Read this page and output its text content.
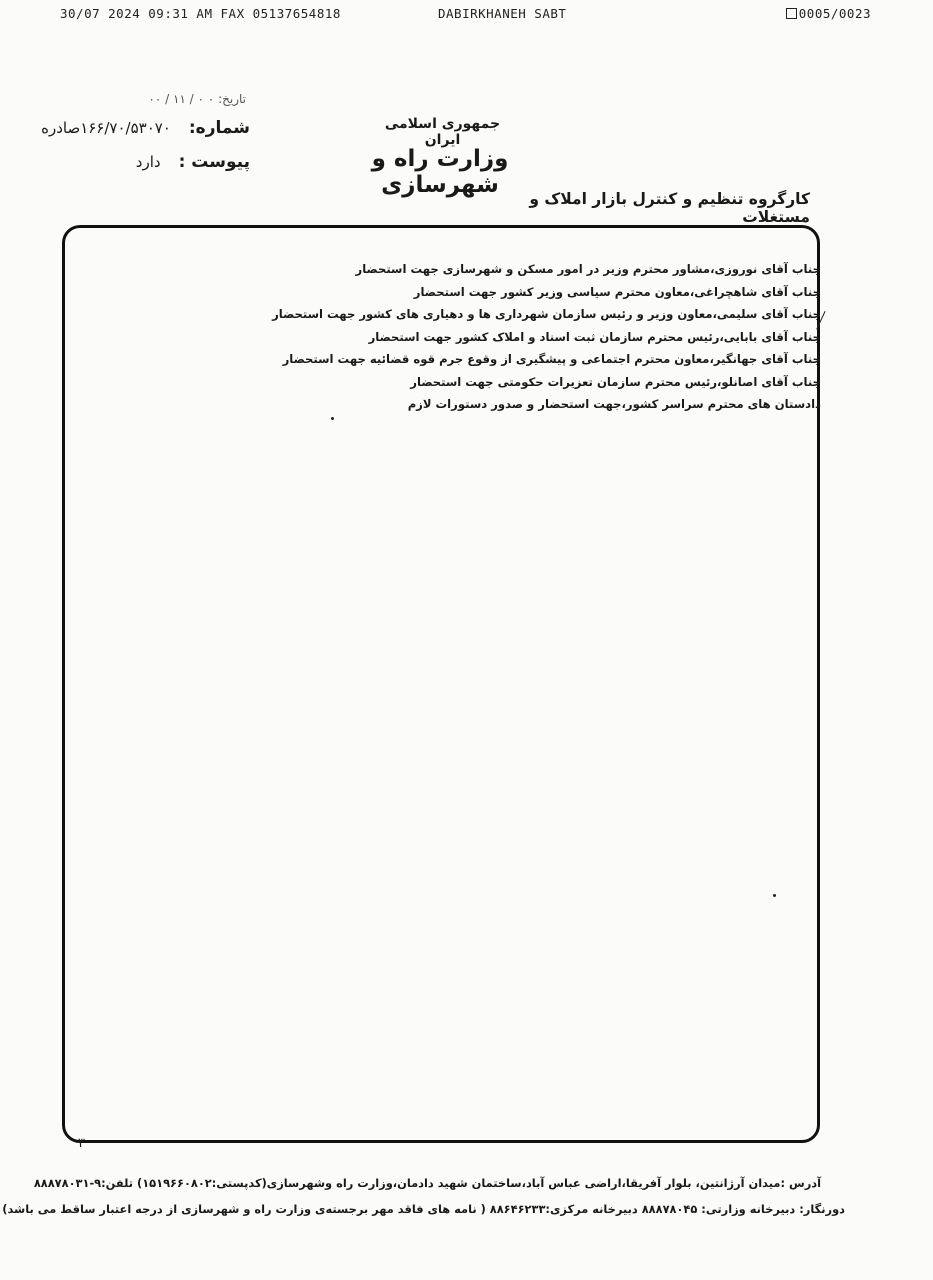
30/07 2024 09:31 AM FAX 05137654818	DABIRKHANEH SABT	0005/0023
تاریخ: ۰ ۰ / ۱۱ / ۰۰
شماره:۱۶۶/۷۰/۵۳۰۷۰صادره
پیوست :دارد
جمهوری اسلامی ایران
وزارت راه و شهرسازی
کارگروه تنظیم و کنترل بازار املاک و مستغلات
جناب آقای نوروزی،مشاور محترم وزیر در امور مسکن و شهرسازی جهت استحضار
جناب آقای شاهچراغی،معاون محترم سیاسی وزیر کشور جهت استحضار
جناب آقای سلیمی،معاون وزیر و رئیس سازمان شهرداری ها و دهیاری های کشور جهت استحضار
جناب آقای بابایی،رئیس محترم سازمان ثبت اسناد و املاک کشور جهت استحضار
جناب آقای جهانگیر،معاون محترم اجتماعی و پیشگیری از وقوع جرم قوه قضائیه جهت استحضار
جناب آقای اصانلو،رئیس محترم سازمان تعزیرات حکومتی جهت استحضار
دادستان های محترم سراسر کشور،جهت استحضار و صدور دستورات لازم
۳
آدرس :میدان آرژانتین، بلوار آفریقا،اراضی عباس آباد،ساختمان شهید دادمان،وزارت راه وشهرسازی(کدپستی:۱۵۱۹۶۶۰۸۰۲) تلفن:۹-۸۸۸۷۸۰۳۱
دورنگار: دبیرخانه وزارتی: ۸۸۸۷۸۰۴۵ دبیرخانه مرکزی:۸۸۶۴۶۲۳۳ ( نامه های فاقد مهر برجسته‌ی وزارت راه و شهرسازی از درجه اعتبار ساقط می باشد)
